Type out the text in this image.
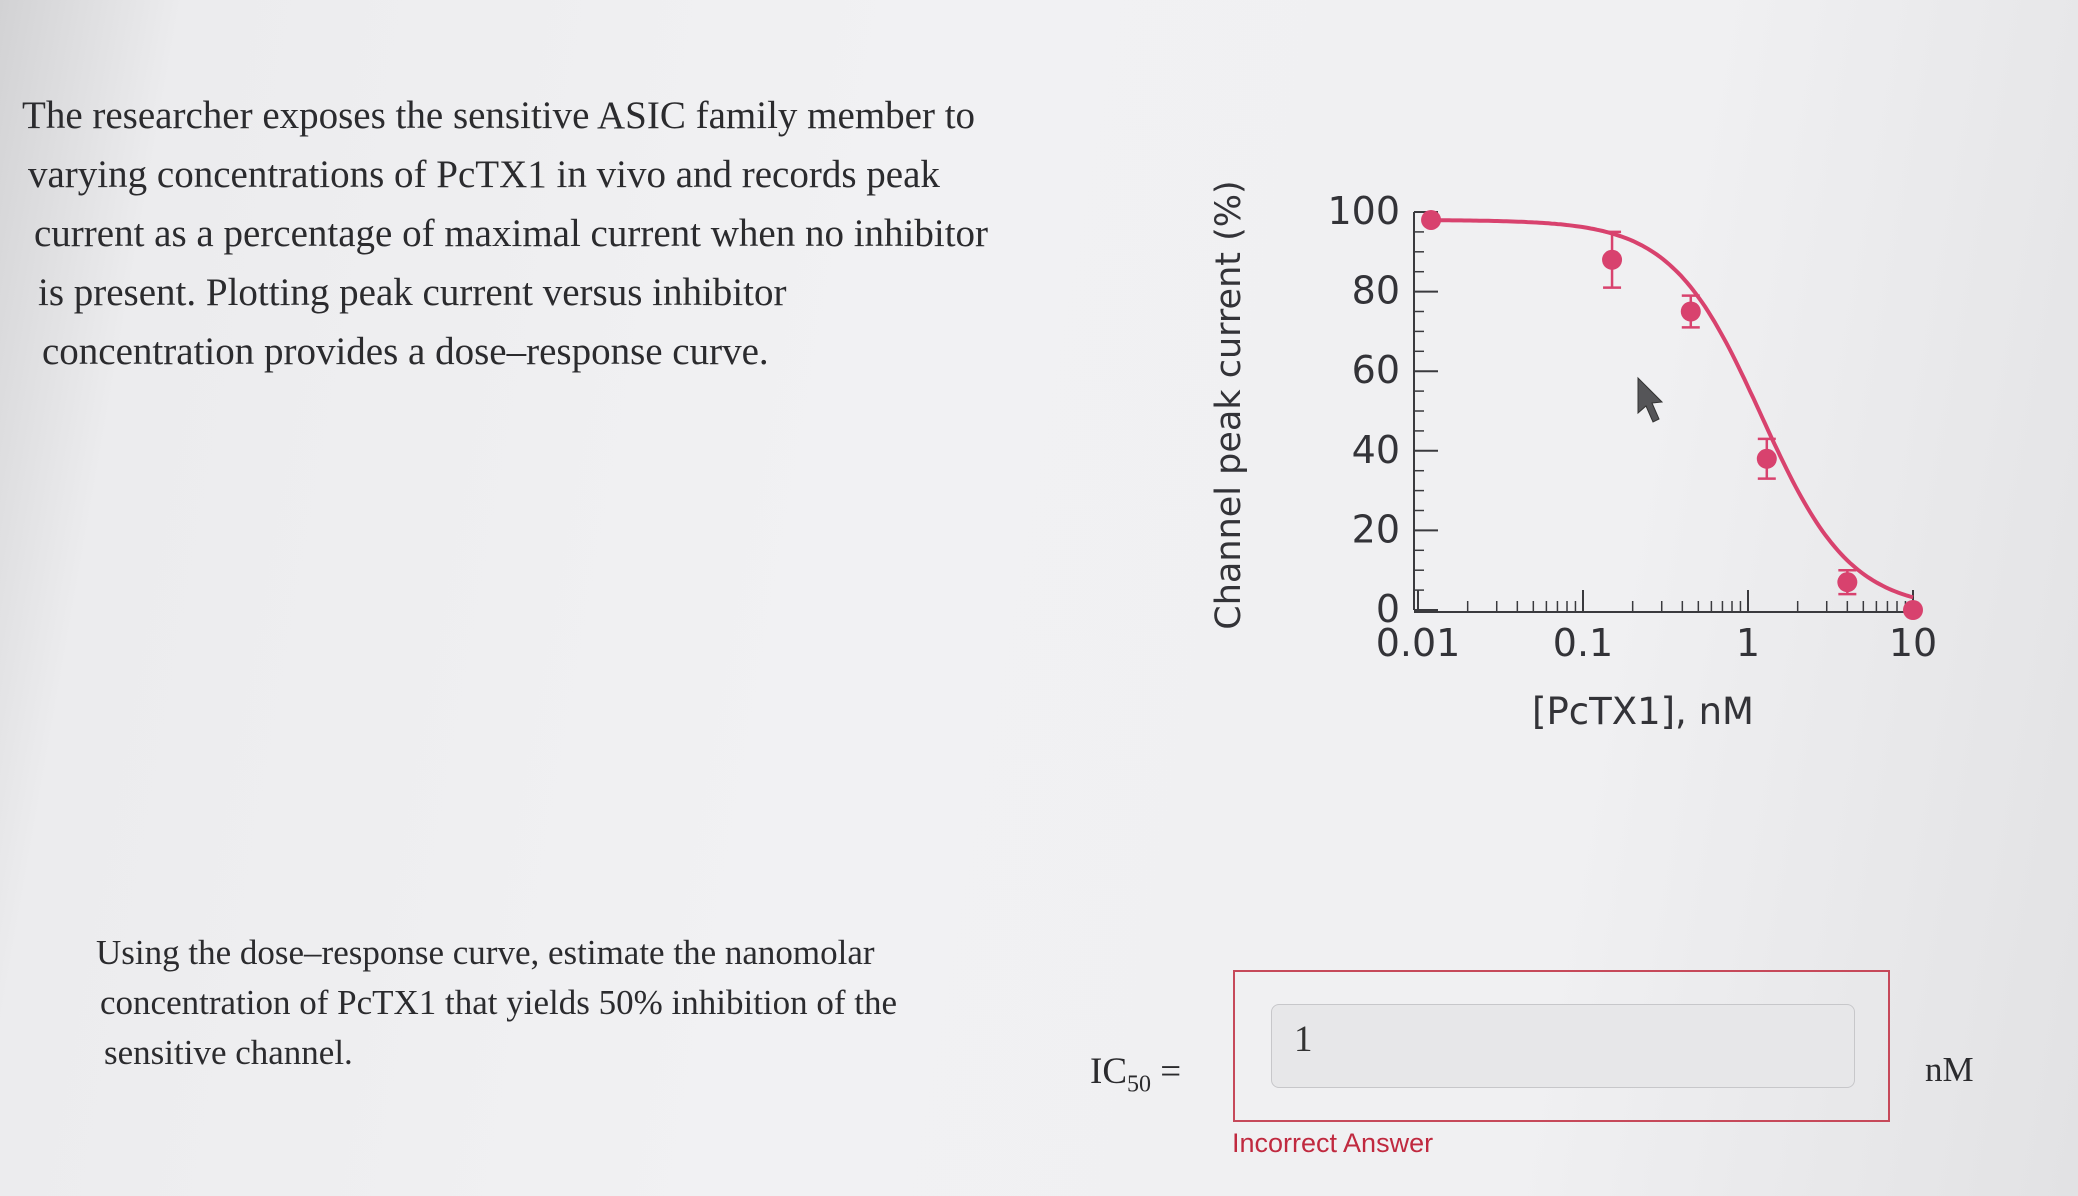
The researcher exposes the sensitive ASIC family member to
varying concentrations of PcTX1 in vivo and records peak
current as a percentage of maximal current when no inhibitor
is present. Plotting peak current versus inhibitor
concentration provides a dose–response curve.
0
20
40
60
80
100
0.01 0.1	1	10
Channel peak current (%)
[PcTX1], nM
Using the dose–response curve, estimate the nanomolar
concentration of PcTX1 that yields 50% inhibition of the
sensitive channel.	$IC_{50}$ =
1	nM
Incorrect Answer
